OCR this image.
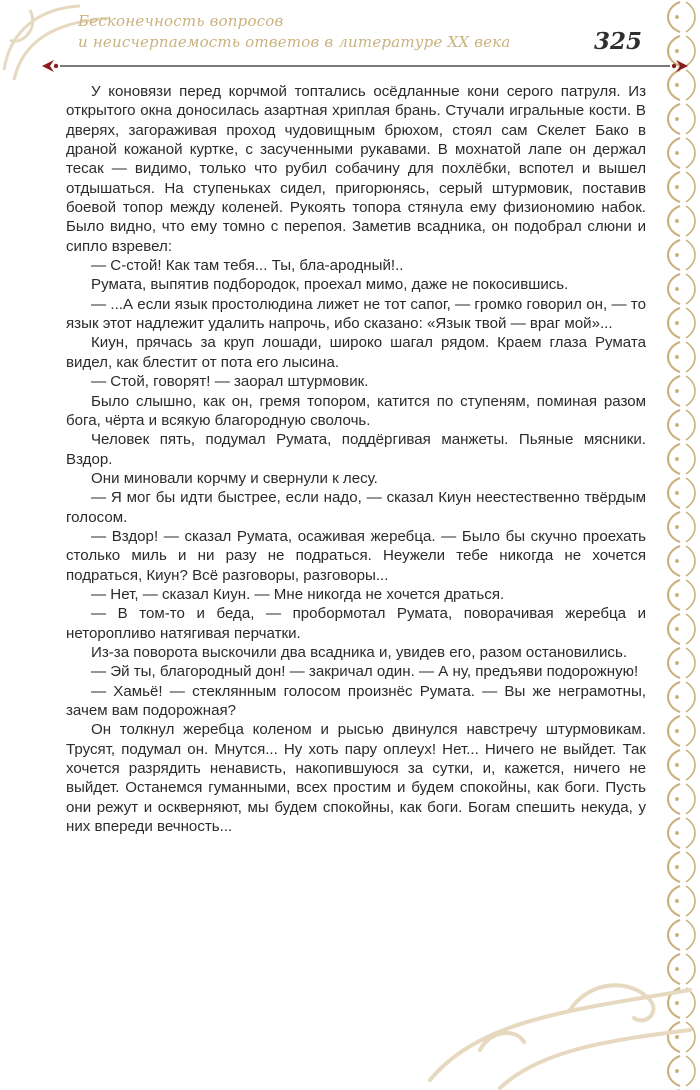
Бесконечность вопросов
и неисчерпаемость ответов в литературе XX века	325

У коновязи перед корчмой топтались осёдланные кони серого патруля. Из открытого окна доносилась азартная хриплая брань. Стучали игральные кости. В дверях, загораживая проход чудовищным брюхом, стоял сам Скелет Бако в драной кожаной куртке, с засученными рукавами. В мохнатой лапе он держал тесак — видимо, только что рубил собачину для похлёбки, вспотел и вышел отдышаться. На ступеньках сидел, пригорюнясь, серый штурмовик, поставив боевой топор между коленей. Рукоять топора стянула ему физиономию набок. Было видно, что ему томно с перепоя. Заметив всадника, он подобрал слюни и сипло взревел:

— С-стой! Как там тебя... Ты, бла-ародный!..

Румата, выпятив подбородок, проехал мимо, даже не покосившись.

— ...А если язык простолюдина лижет не тот сапог, — громко говорил он, — то язык этот надлежит удалить напрочь, ибо сказано: «Язык твой — враг мой»...

Киун, прячась за круп лошади, широко шагал рядом. Краем глаза Румата видел, как блестит от пота его лысина.

— Стой, говорят! — заорал штурмовик.

Было слышно, как он, гремя топором, катится по ступеням, поминая разом бога, чёрта и всякую благородную сволочь.

Человек пять, подумал Румата, поддёргивая манжеты. Пьяные мясники. Вздор.

Они миновали корчму и свернули к лесу.

— Я мог бы идти быстрее, если надо, — сказал Киун неестественно твёрдым голосом.

— Вздор! — сказал Румата, осаживая жеребца. — Было бы скучно проехать столько миль и ни разу не подраться. Неужели тебе никогда не хочется подраться, Киун? Всё разговоры, разговоры...

— Нет, — сказал Киун. — Мне никогда не хочется драться.

— В том-то и беда, — пробормотал Румата, поворачивая жеребца и неторопливо натягивая перчатки.

Из-за поворота выскочили два всадника и, увидев его, разом остановились.

— Эй ты, благородный дон! — закричал один. — А ну, предъяви подорожную!

— Хамьё! — стеклянным голосом произнёс Румата. — Вы же неграмотны, зачем вам подорожная?

Он толкнул жеребца коленом и рысью двинулся навстречу штурмовикам. Трусят, подумал он. Мнутся... Ну хоть пару оплеух! Нет... Ничего не выйдет. Так хочется разрядить ненависть, накопившуюся за сутки, и, кажется, ничего не выйдет. Останемся гуманными, всех простим и будем спокойны, как боги. Пусть они режут и оскверняют, мы будем спокойны, как боги. Богам спешить некуда, у них впереди вечность...
